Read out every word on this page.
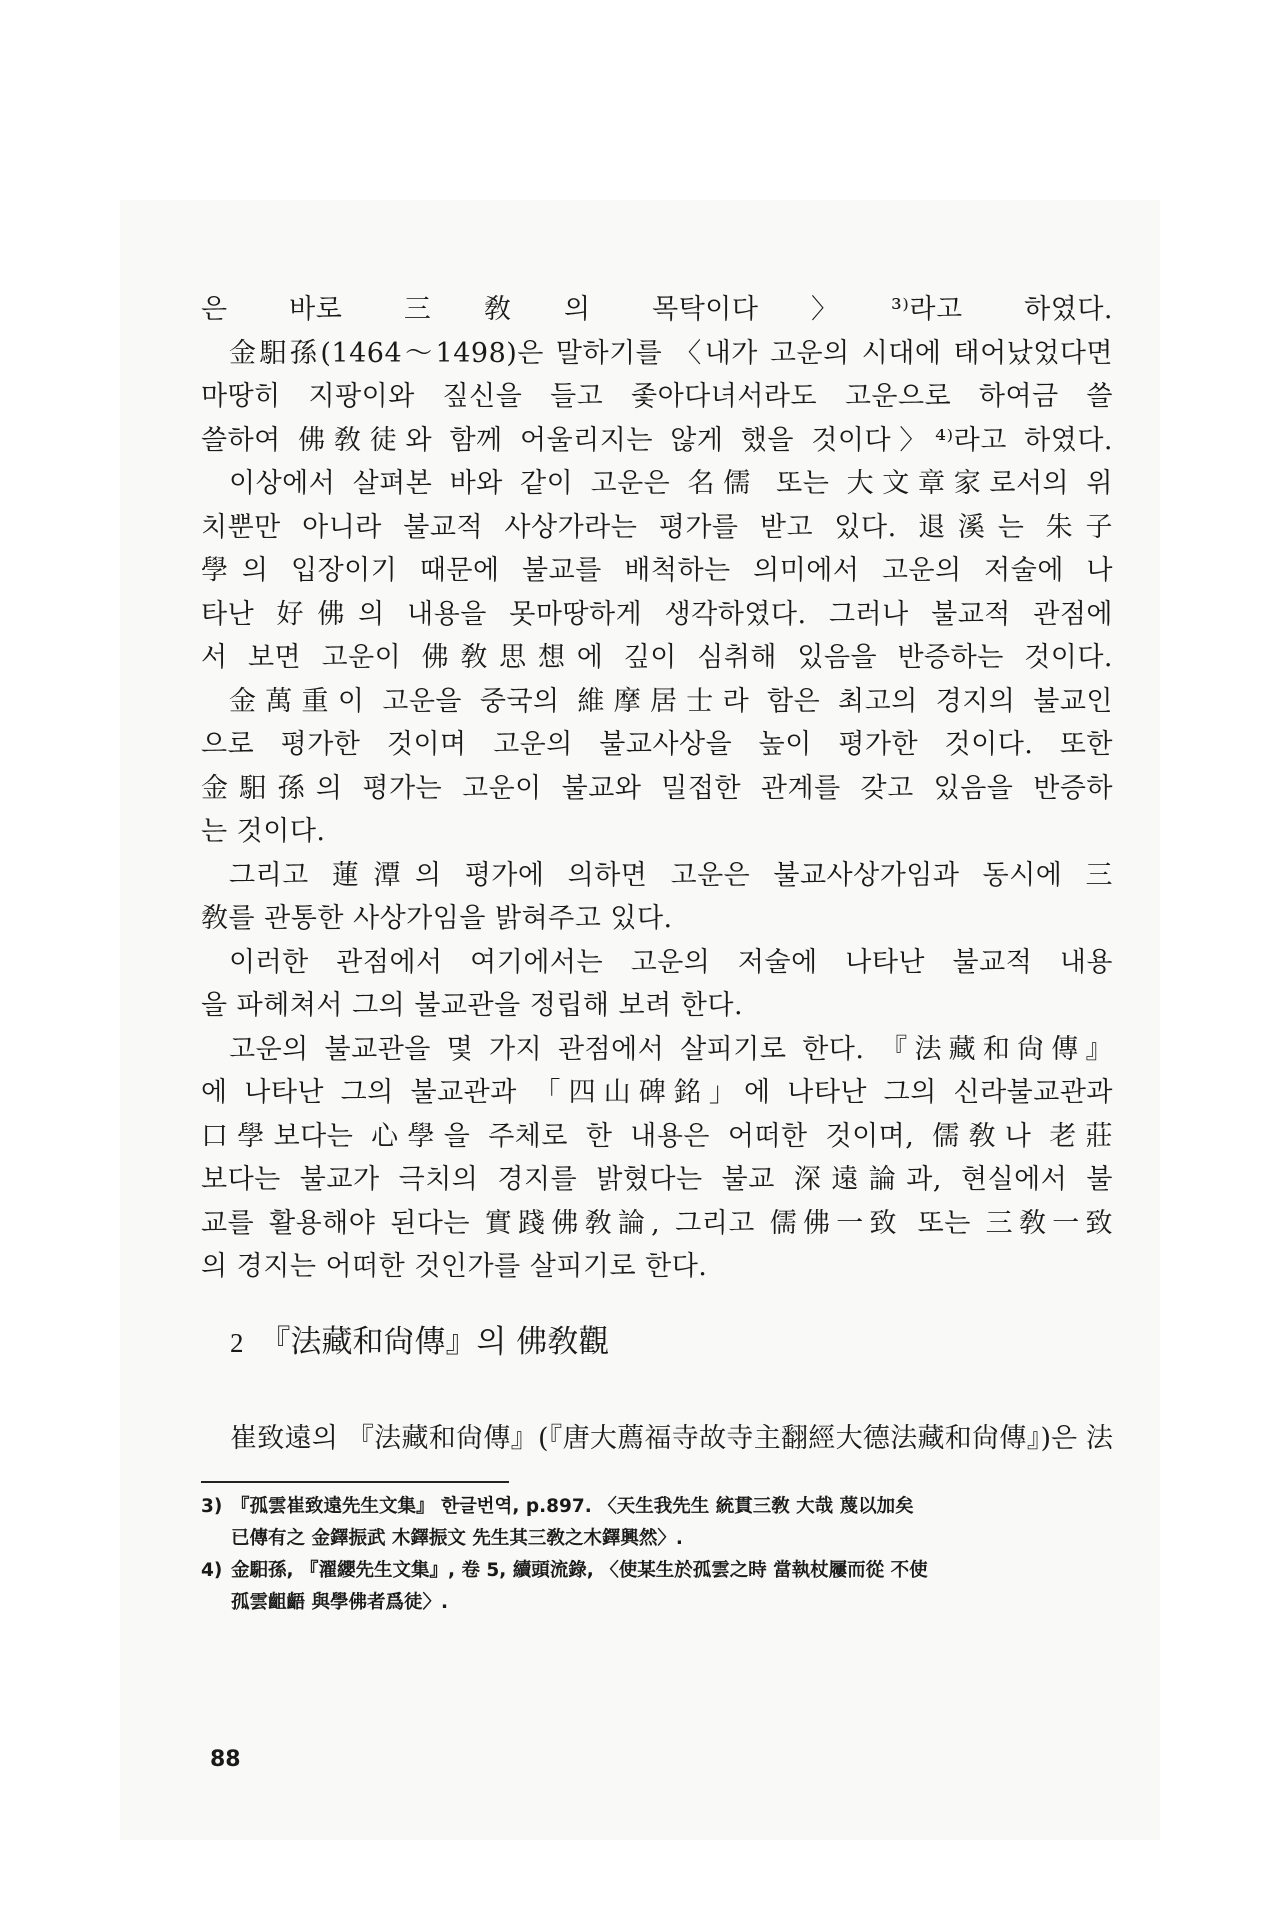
은 바로 三敎의 목탁이다〉³⁾라고 하였다.
金馹孫(1464～1498)은 말하기를 〈내가 고운의 시대에 태어났었다면
마땅히 지팡이와 짚신을 들고 좇아다녀서라도 고운으로 하여금 쓸
쓸하여 佛敎徒와 함께 어울리지는 않게 했을 것이다〉⁴⁾라고 하였다.
이상에서 살펴본 바와 같이 고운은 名儒 또는 大文章家로서의 위
치뿐만 아니라 불교적 사상가라는 평가를 받고 있다. 退溪는 朱子
學의 입장이기 때문에 불교를 배척하는 의미에서 고운의 저술에 나
타난 好佛의 내용을 못마땅하게 생각하였다. 그러나 불교적 관점에
서 보면 고운이 佛敎思想에 깊이 심취해 있음을 반증하는 것이다.
金萬重이 고운을 중국의 維摩居士라 함은 최고의 경지의 불교인
으로 평가한 것이며 고운의 불교사상을 높이 평가한 것이다. 또한
金馹孫의 평가는 고운이 불교와 밀접한 관계를 갖고 있음을 반증하
는 것이다.
그리고 蓮潭의 평가에 의하면 고운은 불교사상가임과 동시에 三
敎를 관통한 사상가임을 밝혀주고 있다.
이러한 관점에서 여기에서는 고운의 저술에 나타난 불교적 내용
을 파헤쳐서 그의 불교관을 정립해 보려 한다.
고운의 불교관을 몇 가지 관점에서 살피기로 한다. 『法藏和尙傳』
에 나타난 그의 불교관과 「四山碑銘」에 나타난 그의 신라불교관과
口學보다는 心學을 주체로 한 내용은 어떠한 것이며, 儒敎나 老莊
보다는 불교가 극치의 경지를 밝혔다는 불교 深遠論과, 현실에서 불
교를 활용해야 된다는 實踐佛敎論, 그리고 儒佛一致 또는 三敎一致
의 경지는 어떠한 것인가를 살피기로 한다.
2 『法藏和尙傳』의 佛敎觀
崔致遠의 『法藏和尙傳』(『唐大薦福寺故寺主翻經大德法藏和尙傳』)은 法
3) 『孤雲崔致遠先生文集』 한글번역, p.897. 〈天生我先生 統貫三敎 大哉 蔑以加矣
已傳有之 金鐸振武 木鐸振文 先生其三敎之木鐸興然〉.
4) 金馹孫, 『濯纓先生文集』, 卷 5, 續頭流錄, 〈使某生於孤雲之時 當執杖屨而從 不使
孤雲齟齬 與學佛者爲徒〉.
88
